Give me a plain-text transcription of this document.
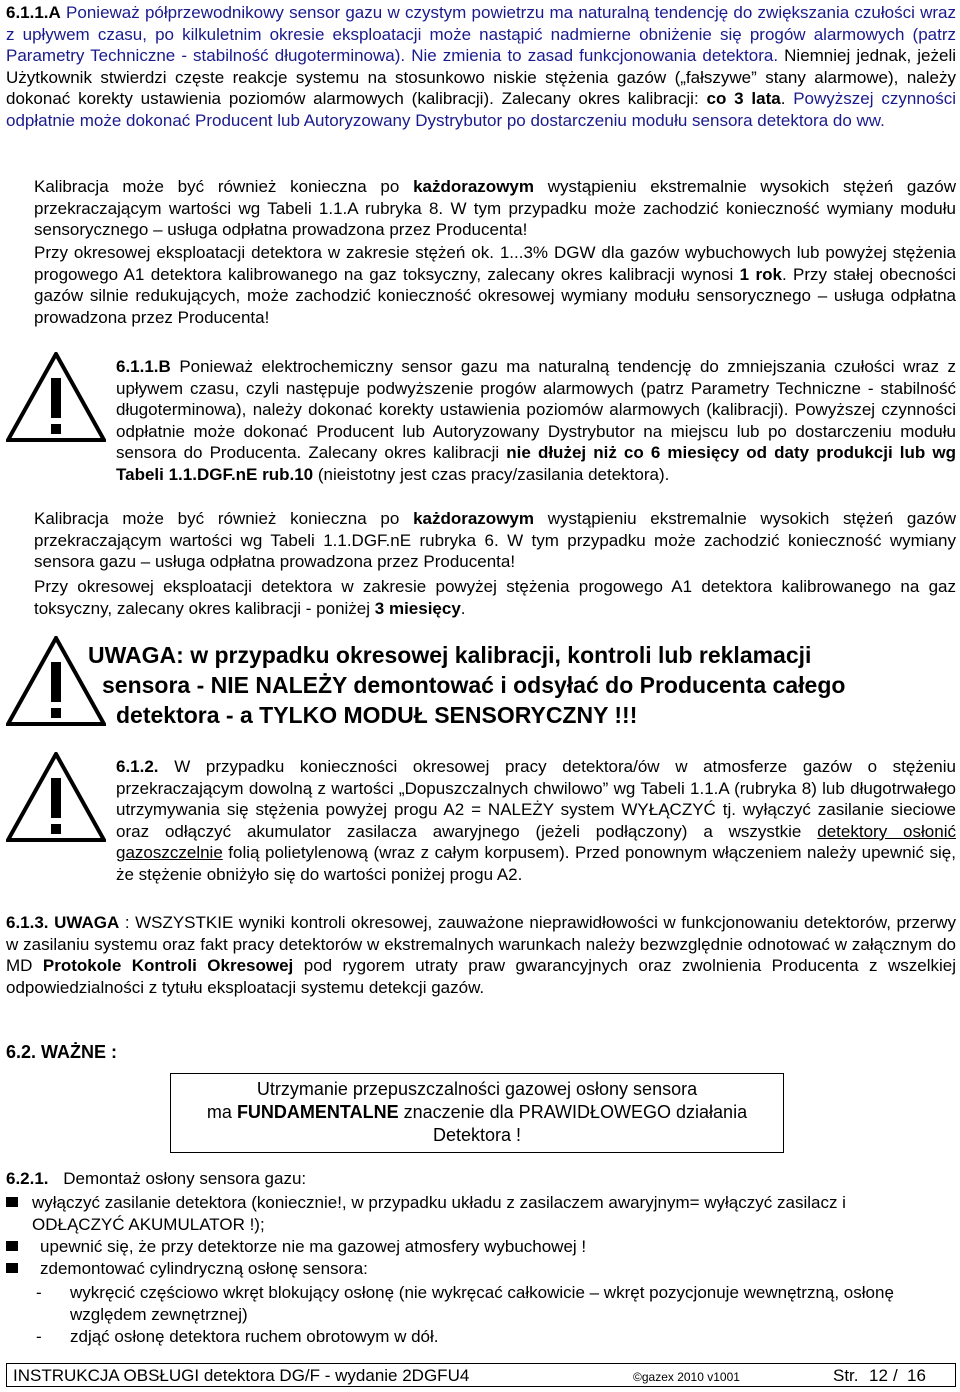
6.1.1.A Ponieważ półprzewodnikowy sensor gazu w czystym powietrzu ma naturalną tendencję do zwiększania czułości wraz z upływem czasu, po kilkuletnim okresie eksploatacji może nastąpić nadmierne obniżenie się progów alarmowych (patrz Parametry Techniczne - stabilność długoterminowa). Nie zmienia to zasad funkcjonowania detektora. Niemniej jednak, jeżeli Użytkownik stwierdzi częste reakcje systemu na stosunkowo niskie stężenia gazów („fałszywe” stany alarmowe), należy dokonać korekty ustawienia poziomów alarmowych (kalibracji). Zalecany okres kalibracji: co 3 lata. Powyższej czynności odpłatnie może dokonać Producent lub Autoryzowany Dystrybutor po dostarczeniu modułu sensora detektora do ww.

Kalibracja może być również konieczna po każdorazowym wystąpieniu ekstremalnie wysokich stężeń gazów przekraczającym wartości wg Tabeli 1.1.A rubryka 8. W tym przypadku może zachodzić konieczność wymiany modułu sensorycznego – usługa odpłatna prowadzona przez Producenta!

Przy okresowej eksploatacji detektora w zakresie stężeń ok. 1...3% DGW dla gazów wybuchowych lub powyżej stężenia progowego A1 detektora kalibrowanego na gaz toksyczny, zalecany okres kalibracji wynosi 1 rok. Przy stałej obecności gazów silnie redukujących, może zachodzić konieczność okresowej wymiany modułu sensorycznego – usługa odpłatna prowadzona przez Producenta!

6.1.1.B Ponieważ elektrochemiczny sensor gazu ma naturalną tendencję do zmniejszania czułości wraz z upływem czasu, czyli następuje podwyższenie progów alarmowych (patrz Parametry Techniczne - stabilność długoterminowa), należy dokonać korekty ustawienia poziomów alarmowych (kalibracji). Powyższej czynności odpłatnie może dokonać Producent lub Autoryzowany Dystrybutor na miejscu lub po dostarczeniu modułu sensora do Producenta. Zalecany okres kalibracji nie dłużej niż co 6 miesięcy od daty produkcji lub wg Tabeli 1.1.DGF.nE rub.10 (nieistotny jest czas pracy/zasilania detektora).

Kalibracja może być również konieczna po każdorazowym wystąpieniu ekstremalnie wysokich stężeń gazów przekraczającym wartości wg Tabeli 1.1.DGF.nE rubryka 6. W tym przypadku może zachodzić konieczność wymiany sensora gazu – usługa odpłatna prowadzona przez Producenta!

Przy okresowej eksploatacji detektora w zakresie powyżej stężenia progowego A1 detektora kalibrowanego na gaz toksyczny, zalecany okres kalibracji - poniżej 3 miesięcy.

UWAGA: w przypadku okresowej kalibracji, kontroli lub reklamacji
sensora - NIE NALEŻY demontować i odsyłać do Producenta całego
detektora - a TYLKO MODUŁ SENSORYCZNY !!!

6.1.2. W przypadku konieczności okresowej pracy detektora/ów w atmosferze gazów o stężeniu przekraczającym dowolną z wartości „Dopuszczalnych chwilowo” wg Tabeli 1.1.A (rubryka 8) lub długotrwałego utrzymywania się stężenia powyżej progu A2 = NALEŻY system WYŁĄCZYĆ tj. wyłączyć zasilanie sieciowe oraz odłączyć akumulator zasilacza awaryjnego (jeżeli podłączony) a wszystkie detektory osłonić gazoszczelnie folią polietylenową (wraz z całym korpusem). Przed ponownym włączeniem należy upewnić się, że stężenie obniżyło się do wartości poniżej progu A2.

6.1.3. UWAGA : WSZYSTKIE wyniki kontroli okresowej, zauważone nieprawidłowości w funkcjonowaniu detektorów, przerwy w zasilaniu systemu oraz fakt pracy detektorów w ekstremalnych warunkach należy bezwzględnie odnotować w załącznym do MD Protokole Kontroli Okresowej pod rygorem utraty praw gwarancyjnych oraz zwolnienia Producenta z wszelkiej odpowiedzialności z tytułu eksploatacji systemu detekcji gazów.

6.2. WAŻNE :
Utrzymanie przepuszczalności gazowej osłony sensora
ma FUNDAMENTALNE znaczenie dla PRAWIDŁOWEGO działania
Detektora !
6.2.1. Demontaż osłony sensora gazu:
wyłączyć zasilanie detektora (koniecznie!, w przypadku układu z zasilaczem awaryjnym= wyłączyć zasilacz i ODŁĄCZYĆ AKUMULATOR !);
upewnić się, że przy detektorze nie ma gazowej atmosfery wybuchowej !
zdemontować cylindryczną osłonę sensora:
- wykręcić częściowo wkręt blokujący osłonę (nie wykręcać całkowicie – wkręt pozycjonuje wewnętrzną, osłonę względem zewnętrznej)
- zdjąć osłonę detektora ruchem obrotowym w dół.
INSTRUKCJA OBSŁUGI detektora DG/F - wydanie 2DGFU4	©gazex 2010 v1001	Str. 12 / 16
